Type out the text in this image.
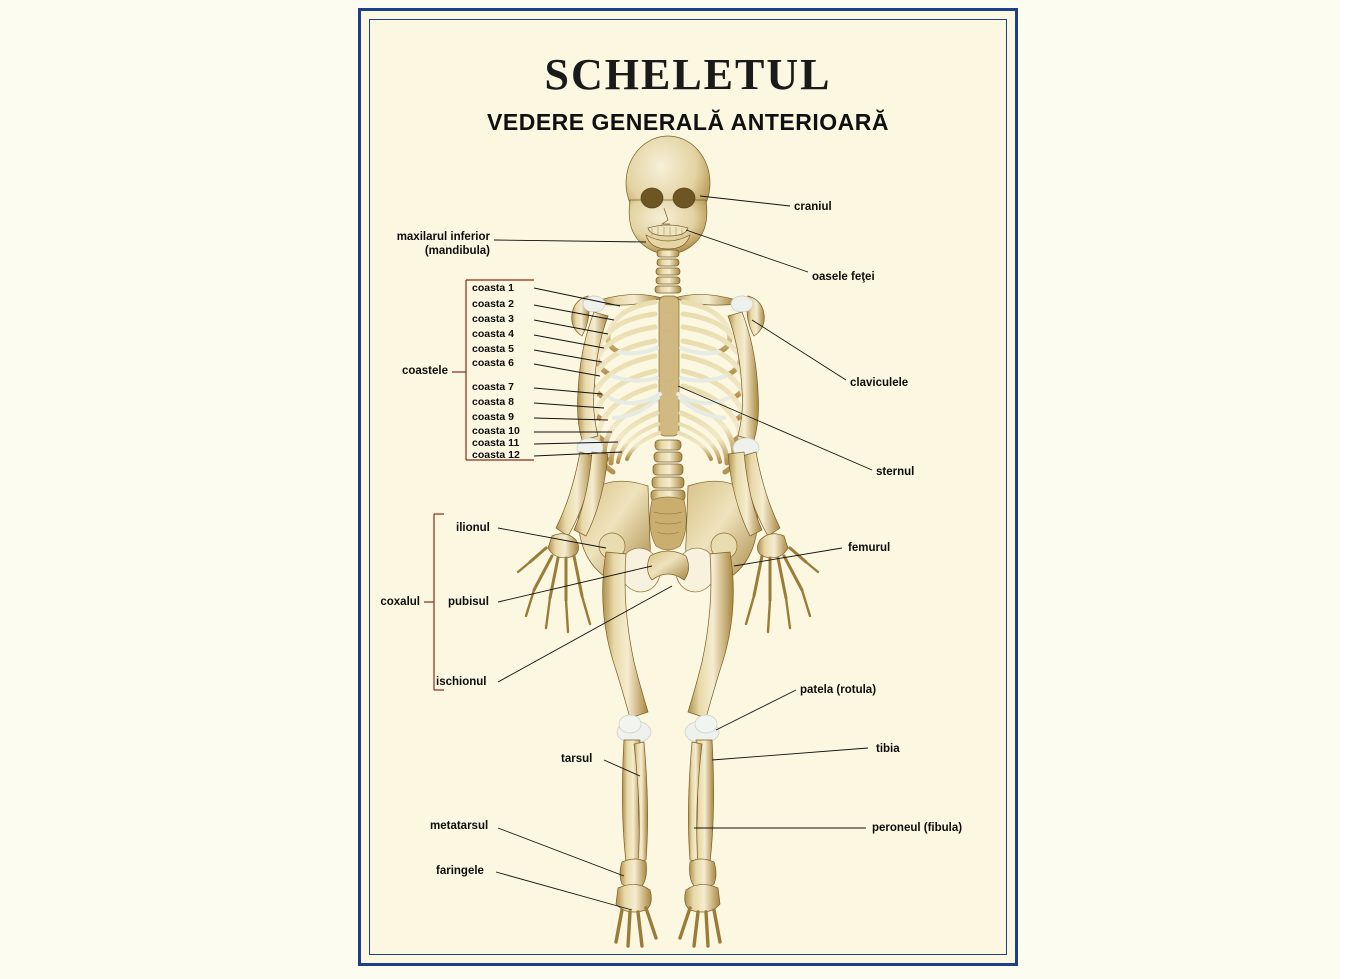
SCHELETUL
VEDERE GENERALĂ ANTERIOARĂ
maxilarul inferior
(mandibula)
coastele
coxalul
ilionul
pubisul
ischionul
tarsul
metatarsul
faringele
coasta 1
coasta 2
coasta 3
coasta 4
coasta 5
coasta 6
coasta 7
coasta 8
coasta 9
coasta 10
coasta 11
coasta 12
craniul
oasele feţei
claviculele
sternul
femurul
patela (rotula)
tibia
peroneul (fibula)
